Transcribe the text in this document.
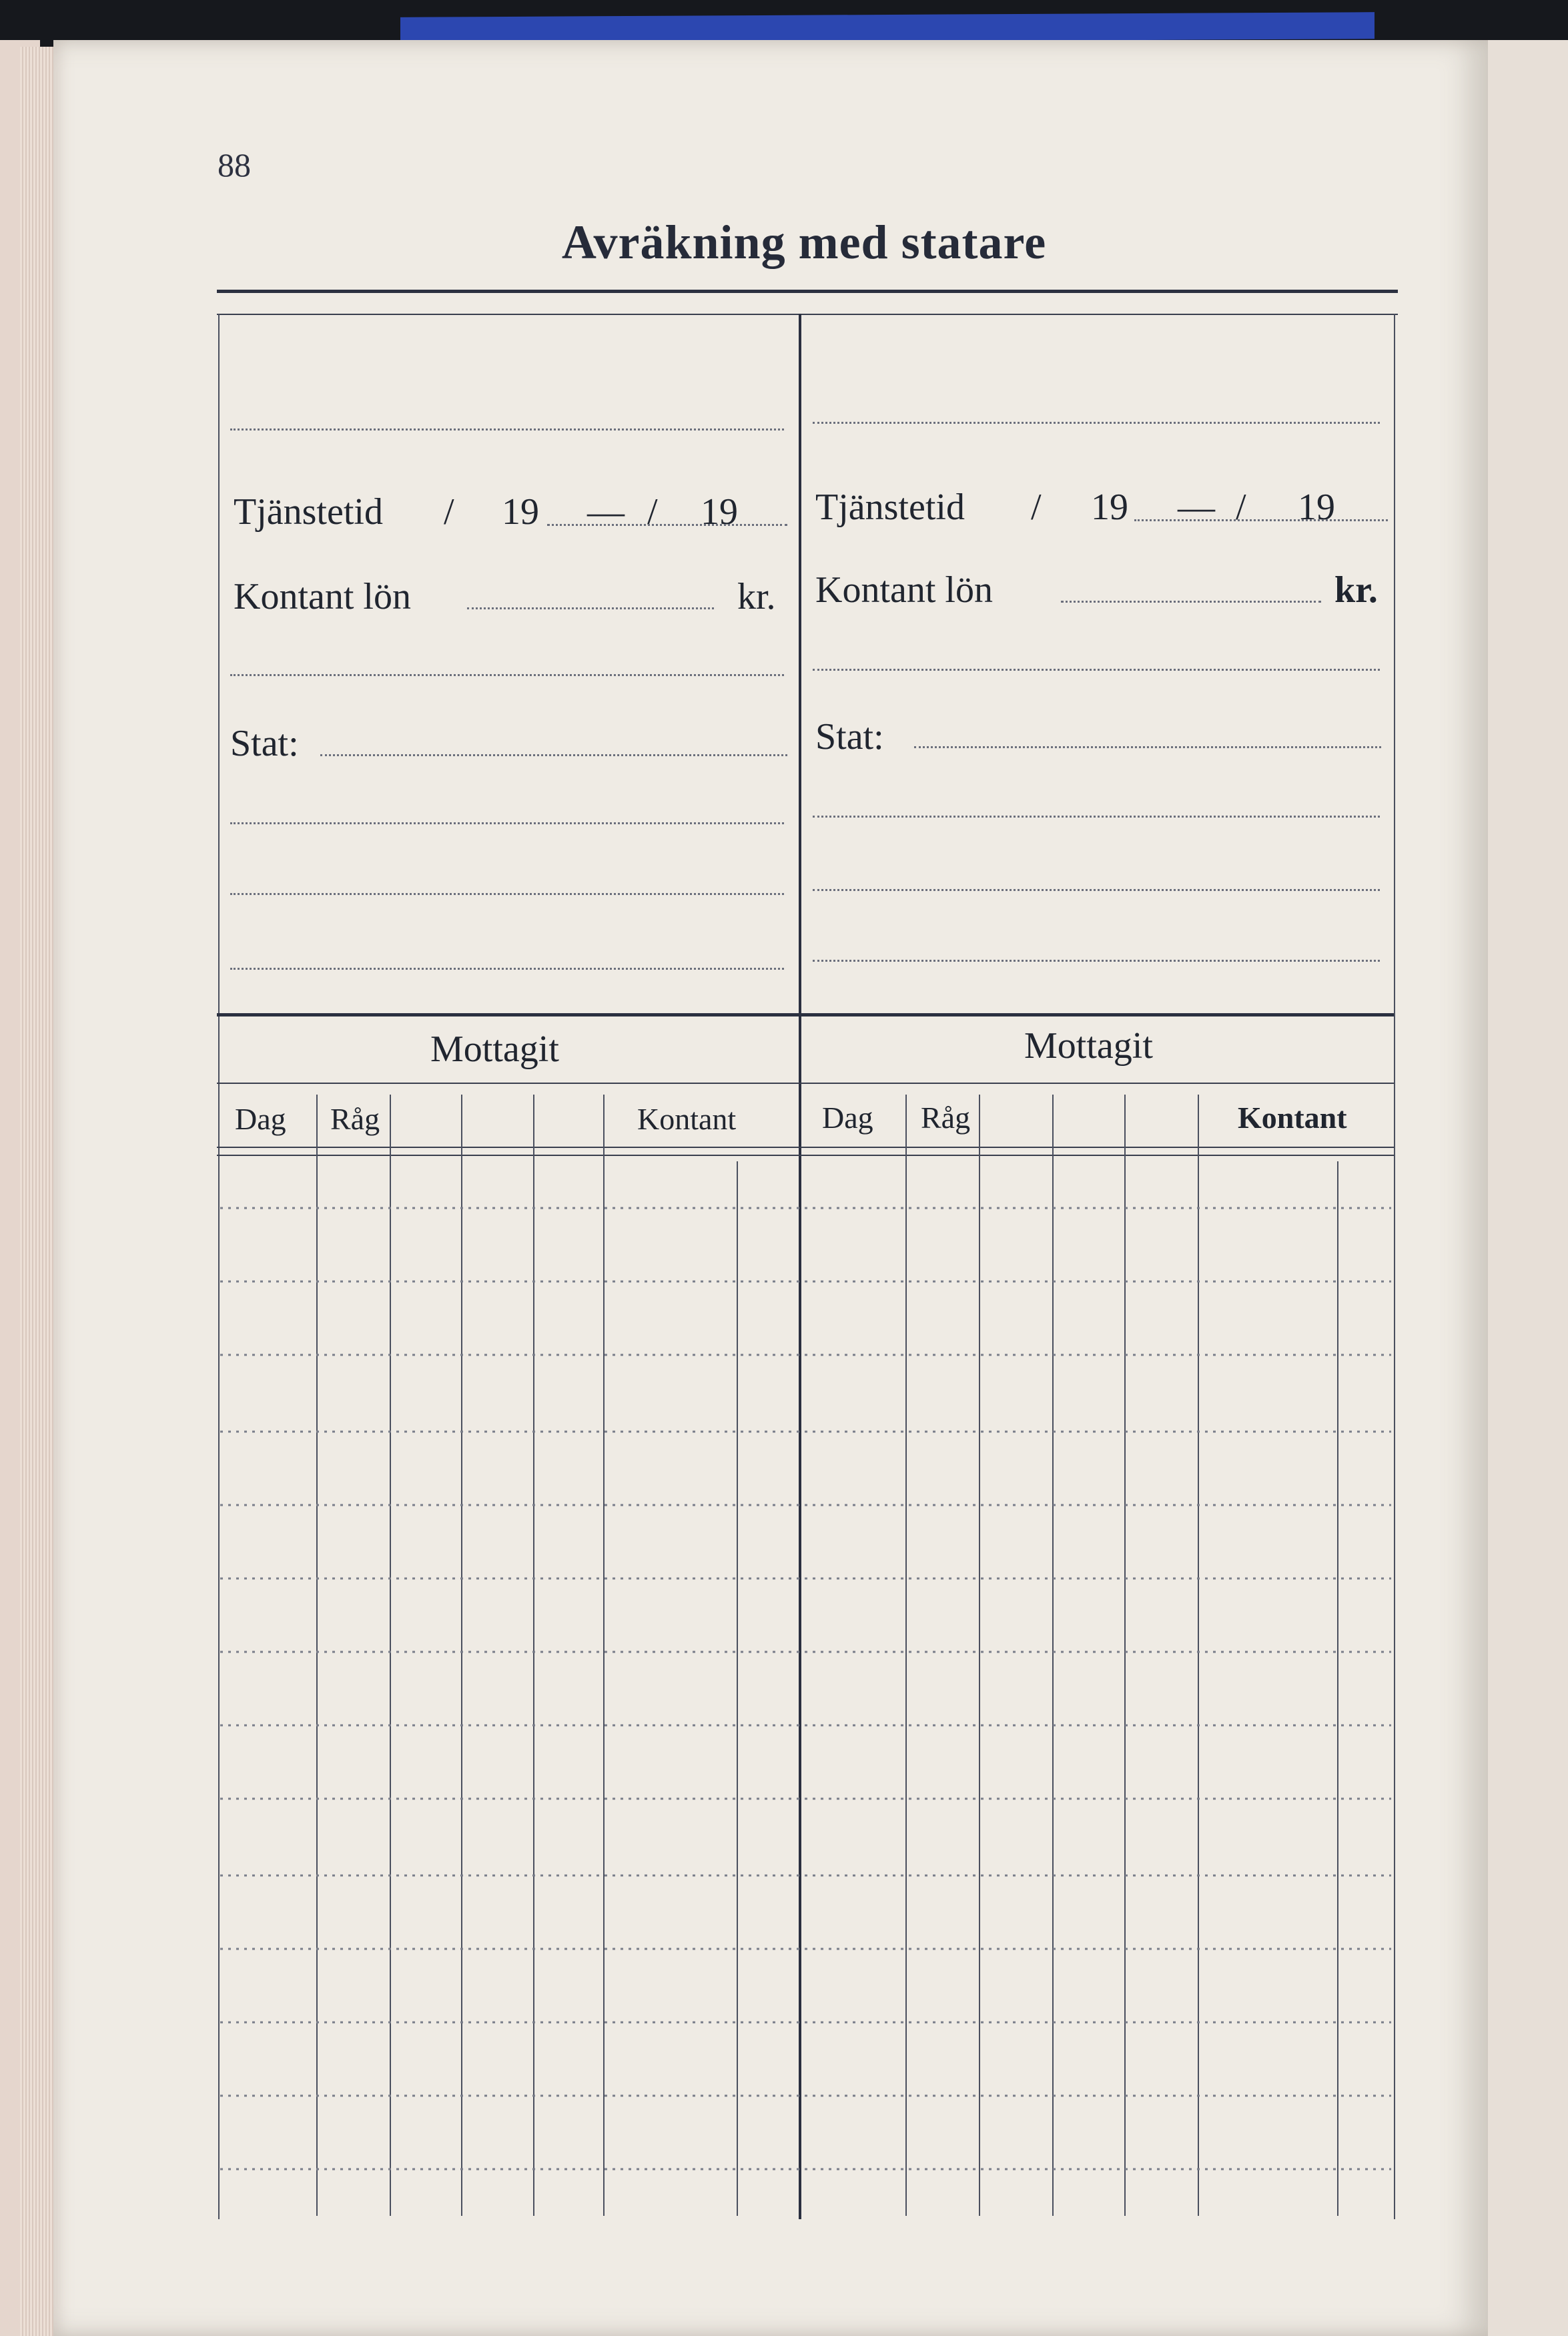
88
Avräkning med statare
Tjänstetid / 19 — / 19
Kontant lön	kr.
Stat:
Tjänstetid / 19 — / 19
Kontant lön	kr.
Stat:
Mottagit	Mottagit
Dag Råg	Kontant	Dag Råg	Kontant
